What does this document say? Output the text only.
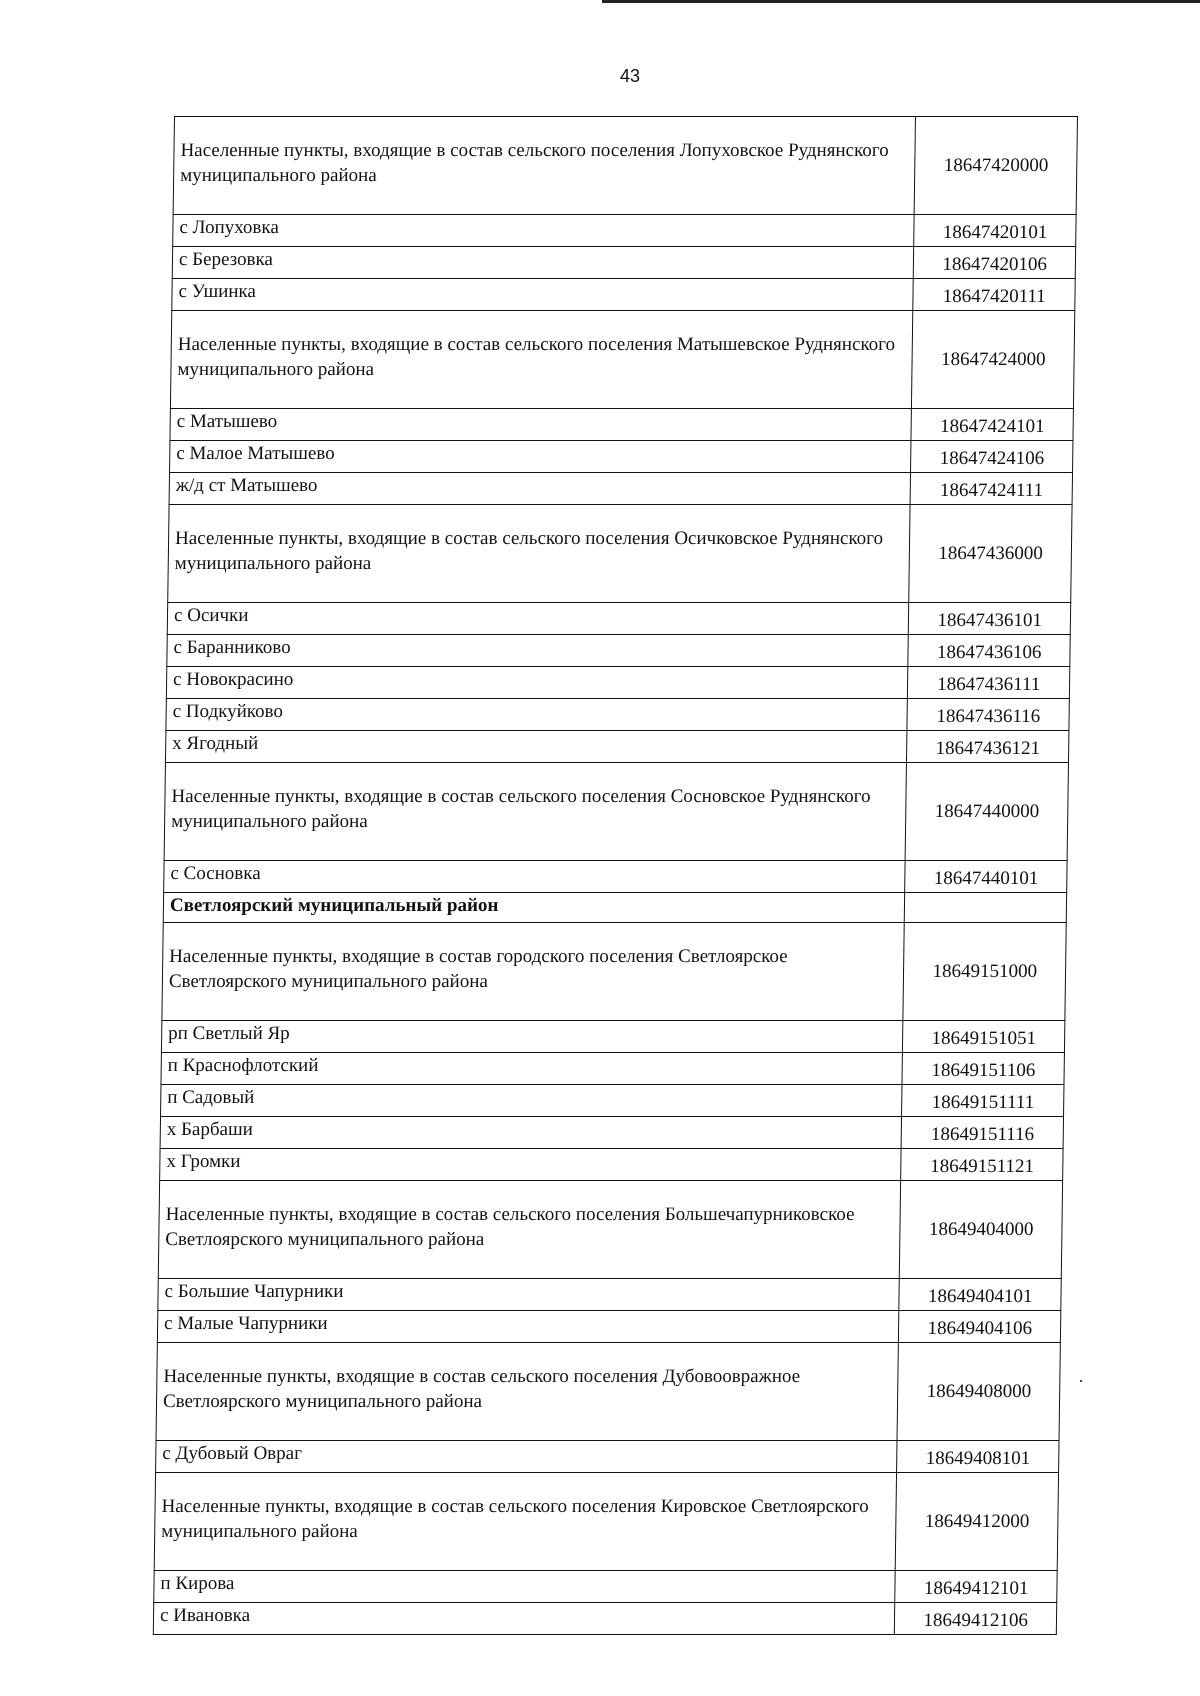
43
Населенные пункты, входящие в состав сельского поселения Лопуховское Руднянского муниципального района	18647420000
с Лопуховка	18647420101
с Березовка	18647420106
с Ушинка	18647420111
Населенные пункты, входящие в состав сельского поселения Матышевское Руднянского муниципального района	18647424000
с Матышево	18647424101
с Малое Матышево	18647424106
ж/д ст Матышево	18647424111
Населенные пункты, входящие в состав сельского поселения Осичковское Руднянского муниципального района	18647436000
с Осички	18647436101
с Баранниково	18647436106
с Новокрасино	18647436111
с Подкуйково	18647436116
х Ягодный	18647436121
Населенные пункты, входящие в состав сельского поселения Сосновское Руднянского муниципального района	18647440000
с Сосновка	18647440101
Светлоярский муниципальный район	
Населенные пункты, входящие в состав городского поселения Светлоярское Светлоярского муниципального района	18649151000
рп Светлый Яр	18649151051
п Краснофлотский	18649151106
п Садовый	18649151111
х Барбаши	18649151116
х Громки	18649151121
Населенные пункты, входящие в состав сельского поселения Большечапурниковское Светлоярского муниципального района	18649404000
с Большие Чапурники	18649404101
с Малые Чапурники	18649404106
Населенные пункты, входящие в состав сельского поселения Дубовооврaжное Светлоярского муниципального района	18649408000
с Дубовый Овраг	18649408101
Населенные пункты, входящие в состав сельского поселения Кировское Светлоярского муниципального района	18649412000
п Кирова	18649412101
с Ивановка	18649412106
